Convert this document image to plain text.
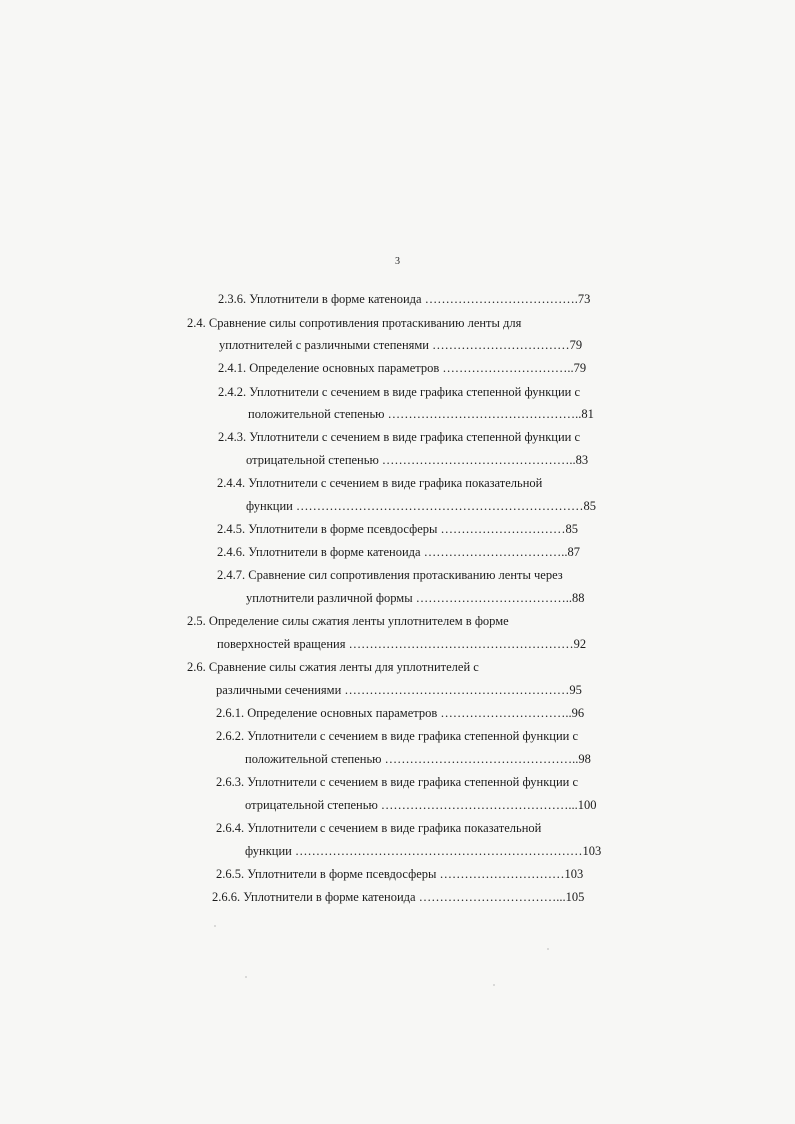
3
2.3.6. Уплотнители в форме катеноида ……………………………….73
2.4. Сравнение силы сопротивления протаскиванию ленты для
уплотнителей с различными степенями ……………………………79
2.4.1. Определение основных параметров …………………………..79
2.4.2. Уплотнители с сечением в виде графика степенной функции с
положительной степенью ………………………………………..81
2.4.3. Уплотнители с сечением в виде графика степенной функции с
отрицательной степенью ………………………………………..83
2.4.4. Уплотнители с сечением в виде графика показательной
функции ……………………………………………………………85
2.4.5. Уплотнители в форме псевдосферы …………………………85
2.4.6. Уплотнители в форме катеноида ……………………………..87
2.4.7. Сравнение сил сопротивления протаскиванию ленты через
уплотнители различной формы ………………………………..88
2.5. Определение силы сжатия ленты уплотнителем в форме
поверхностей вращения ………………………………………………92
2.6. Сравнение силы сжатия ленты для уплотнителей с
различными сечениями ………………………………………………95
2.6.1. Определение основных параметров …………………………..96
2.6.2. Уплотнители с сечением в виде графика степенной функции с
положительной степенью ………………………………………..98
2.6.3. Уплотнители с сечением в виде графика степенной функции с
отрицательной степенью ………………………………………...100
2.6.4. Уплотнители с сечением в виде графика показательной
функции ……………………………………………………………103
2.6.5. Уплотнители в форме псевдосферы …………………………103
2.6.6. Уплотнители в форме катеноида ……………………………...105
